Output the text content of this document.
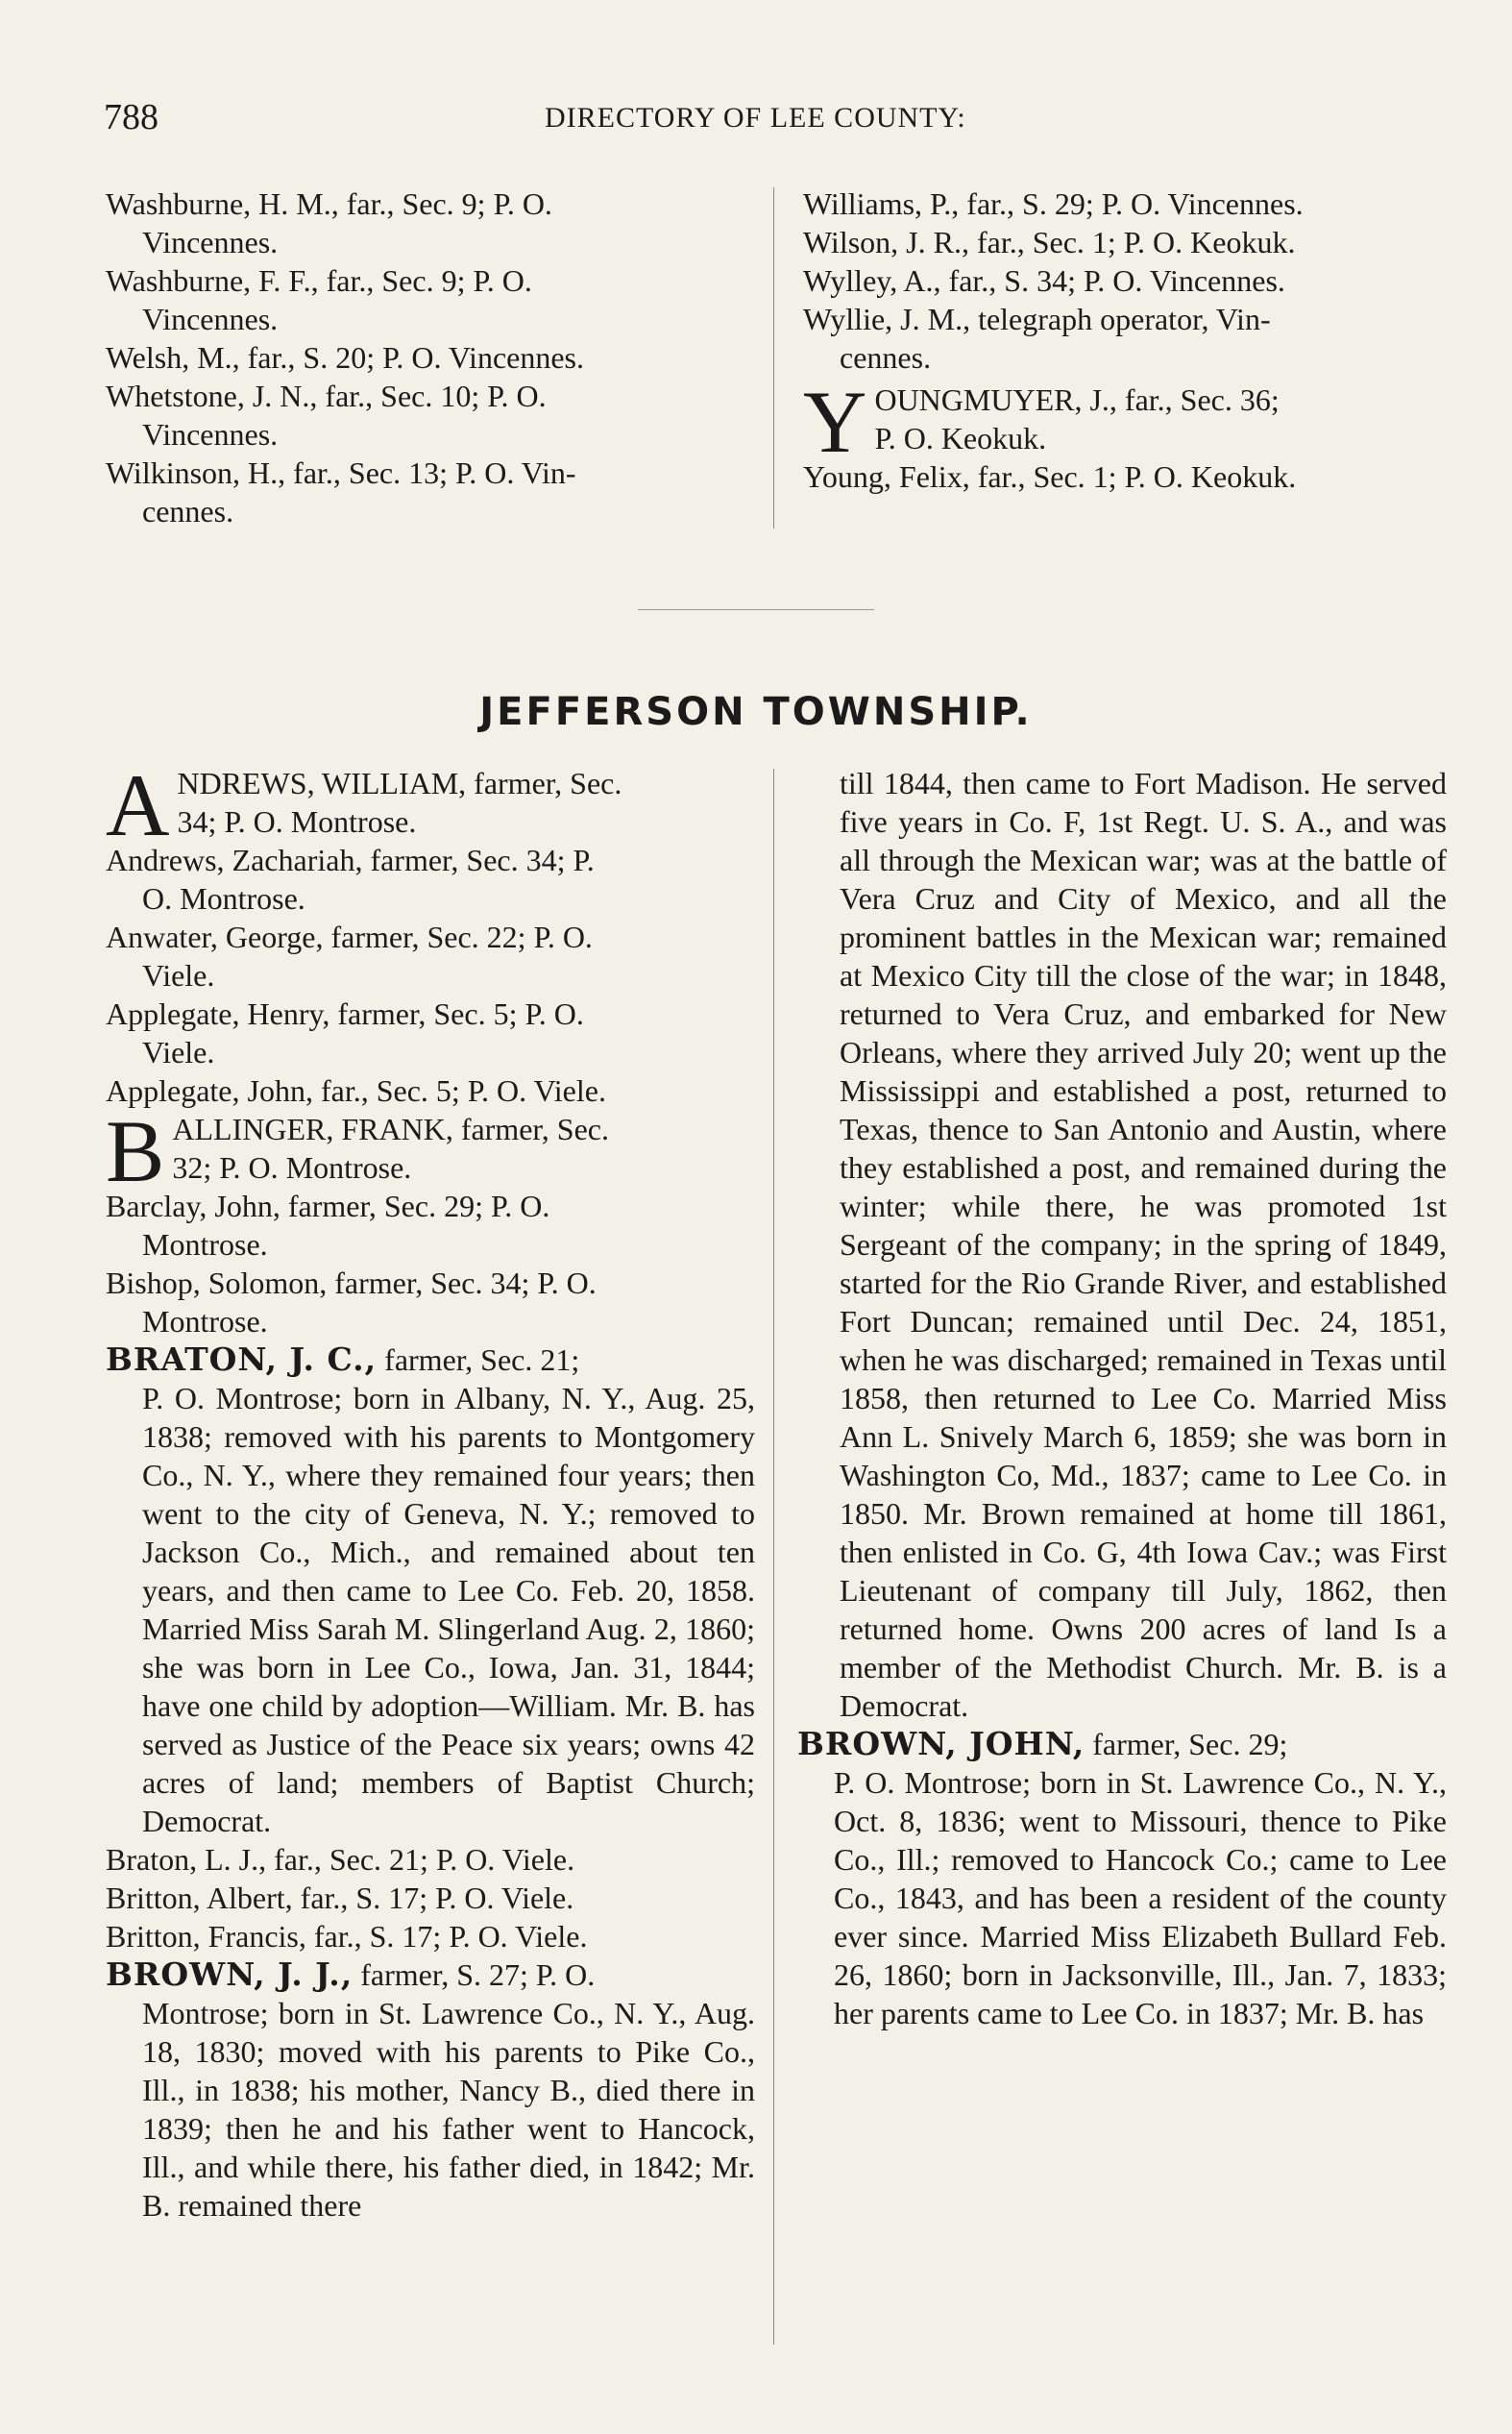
788	DIRECTORY OF LEE COUNTY:

Washburne, H. M., far., Sec. 9; P. O.
Vincennes.

Washburne, F. F., far., Sec. 9; P. O.
Vincennes.

Welsh, M., far., S. 20; P. O. Vincennes.

Whetstone, J. N., far., Sec. 10; P. O.
Vincennes.

Wilkinson, H., far., Sec. 13; P. O. Vin-
cennes.

Williams, P., far., S. 29; P. O. Vincennes.

Wilson, J. R., far., Sec. 1; P. O. Keokuk.

Wylley, A., far., S. 34; P. O. Vincennes.

Wyllie, J. M., telegraph operator, Vin-
cennes.

YOUNGMUYER, J., far., Sec. 36;
P. O. Keokuk.

Young, Felix, far., Sec. 1; P. O. Keokuk.

JEFFERSON TOWNSHIP.

ANDREWS, WILLIAM, farmer, Sec.
34; P. O. Montrose.

Andrews, Zachariah, farmer, Sec. 34; P.
O. Montrose.

Anwater, George, farmer, Sec. 22; P. O.
Viele.

Applegate, Henry, farmer, Sec. 5; P. O.
Viele.

Applegate, John, far., Sec. 5; P. O. Viele.

BALLINGER, FRANK, farmer, Sec.
32; P. O. Montrose.

Barclay, John, farmer, Sec. 29; P. O.
Montrose.

Bishop, Solomon, farmer, Sec. 34; P. O.
Montrose.

BRATON, J. C., farmer, Sec. 21;
P. O. Montrose; born in Albany, N. Y., Aug. 25, 1838; removed with his parents to Montgomery Co., N. Y., where they remained four years; then went to the city of Geneva, N. Y.; removed to Jackson Co., Mich., and remained about ten years, and then came to Lee Co. Feb. 20, 1858. Married Miss Sarah M. Slingerland Aug. 2, 1860; she was born in Lee Co., Iowa, Jan. 31, 1844; have one child by adoption—William. Mr. B. has served as Justice of the Peace six years; owns 42 acres of land; members of Baptist Church; Democrat.

Braton, L. J., far., Sec. 21; P. O. Viele.

Britton, Albert, far., S. 17; P. O. Viele.

Britton, Francis, far., S. 17; P. O. Viele.

BROWN, J. J., farmer, S. 27; P. O.
Montrose; born in St. Lawrence Co., N. Y., Aug. 18, 1830; moved with his parents to Pike Co., Ill., in 1838; his mother, Nancy B., died there in 1839; then he and his father went to Hancock, Ill., and while there, his father died, in 1842; Mr. B. remained there

till 1844, then came to Fort Madison. He served five years in Co. F, 1st Regt. U. S. A., and was all through the Mexican war; was at the battle of Vera Cruz and City of Mexico, and all the prominent battles in the Mexican war; remained at Mexico City till the close of the war; in 1848, returned to Vera Cruz, and embarked for New Orleans, where they arrived July 20; went up the Mississippi and established a post, returned to Texas, thence to San Antonio and Austin, where they established a post, and remained during the winter; while there, he was promoted 1st Sergeant of the company; in the spring of 1849, started for the Rio Grande River, and established Fort Duncan; remained until Dec. 24, 1851, when he was discharged; remained in Texas until 1858, then returned to Lee Co. Married Miss Ann L. Snively March 6, 1859; she was born in Washington Co, Md., 1837; came to Lee Co. in 1850. Mr. Brown remained at home till 1861, then enlisted in Co. G, 4th Iowa Cav.; was First Lieutenant of company till July, 1862, then returned home. Owns 200 acres of land Is a member of the Methodist Church. Mr. B. is a Democrat.

BROWN, JOHN, farmer, Sec. 29;
P. O. Montrose; born in St. Lawrence Co., N. Y., Oct. 8, 1836; went to Missouri, thence to Pike Co., Ill.; removed to Hancock Co.; came to Lee Co., 1843, and has been a resident of the county ever since. Married Miss Elizabeth Bullard Feb. 26, 1860; born in Jacksonville, Ill., Jan. 7, 1833; her parents came to Lee Co. in 1837; Mr. B. has
